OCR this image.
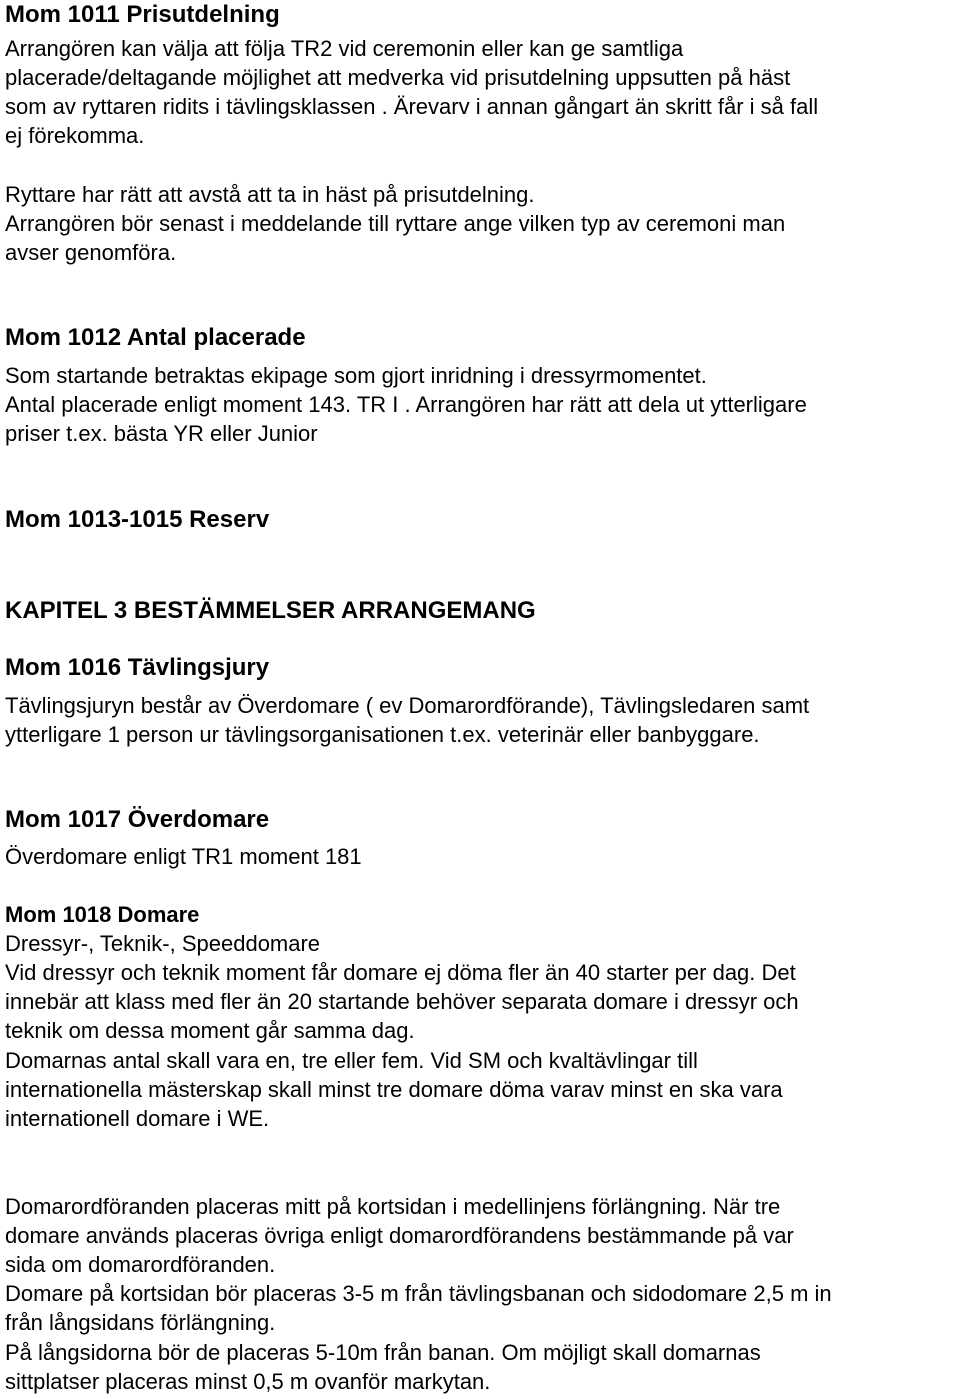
Mom 1011 Prisutdelning
Arrangören kan välja att följa TR2 vid ceremonin eller kan ge samtliga
placerade/deltagande möjlighet att medverka vid prisutdelning uppsutten på häst
som av ryttaren ridits i tävlingsklassen . Ärevarv i annan gångart än skritt får i så fall
ej förekomma.
Ryttare har rätt att avstå att ta in häst på prisutdelning.
Arrangören bör senast i meddelande till ryttare ange vilken typ av ceremoni man
avser genomföra.
Mom 1012 Antal placerade
Som startande betraktas ekipage som gjort inridning i dressyrmomentet.
Antal placerade enligt moment 143. TR I . Arrangören har rätt att dela ut ytterligare
priser t.ex. bästa YR eller Junior
Mom 1013-1015 Reserv
KAPITEL 3 BESTÄMMELSER ARRANGEMANG
Mom 1016 Tävlingsjury
Tävlingsjuryn består av Överdomare ( ev Domarordförande), Tävlingsledaren samt
ytterligare 1 person ur tävlingsorganisationen t.ex. veterinär eller banbyggare.
Mom 1017 Överdomare
Överdomare enligt TR1 moment 181
Mom 1018 Domare
Dressyr-, Teknik-, Speeddomare
Vid dressyr och teknik moment får domare ej döma fler än 40 starter per dag. Det
innebär att klass med fler än 20 startande behöver separata domare i dressyr och
teknik om dessa moment går samma dag.
Domarnas antal skall vara en, tre eller fem. Vid SM och kvaltävlingar till
internationella mästerskap skall minst tre domare döma varav minst en ska vara
internationell domare i WE.
Domarordföranden placeras mitt på kortsidan i medellinjens förlängning. När tre
domare används placeras övriga enligt domarordförandens bestämmande på var
sida om domarordföranden.
Domare på kortsidan bör placeras 3-5 m från tävlingsbanan och sidodomare 2,5 m in
från långsidans förlängning.
På långsidorna bör de placeras 5-10m från banan. Om möjligt skall domarnas
sittplatser placeras minst 0,5 m ovanför markytan.
